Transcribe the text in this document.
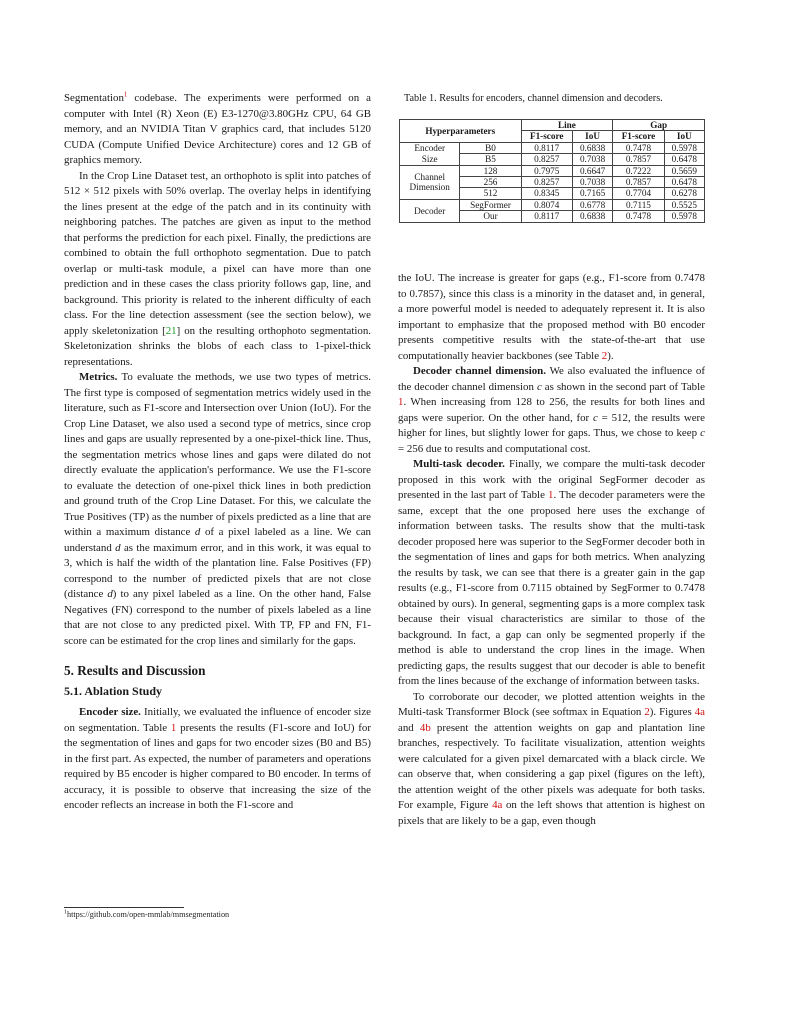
Segmentation$^1$ codebase. The experiments were performed on a computer with Intel (R) Xeon (E) E3-1270@3.80GHz CPU, 64 GB memory, and an NVIDIA Titan V graphics card, that includes 5120 CUDA (Compute Unified Device Architecture) cores and 12 GB of graphics memory.

In the Crop Line Dataset test, an orthophoto is split into patches of 512 × 512 pixels with 50% overlap. The overlay helps in identifying the lines present at the edge of the patch and in its continuity with neighboring patches. The patches are given as input to the method that performs the prediction for each pixel. Finally, the predictions are combined to obtain the full orthophoto segmentation. Due to patch overlap or multi-task module, a pixel can have more than one prediction and in these cases the class priority follows gap, line, and background. This priority is related to the inherent difficulty of each class. For the line detection assessment (see the section below), we apply skeletonization [21] on the resulting orthophoto segmentation. Skeletonization shrinks the blobs of each class to 1-pixel-thick representations.

Metrics. To evaluate the methods, we use two types of metrics. The first type is composed of segmentation metrics widely used in the literature, such as F1-score and Intersection over Union (IoU). For the Crop Line Dataset, we also used a second type of metrics, since crop lines and gaps are usually represented by a one-pixel-thick line. Thus, the segmentation metrics whose lines and gaps were dilated do not directly evaluate the application's performance. We use the F1-score to evaluate the detection of one-pixel thick lines in both prediction and ground truth of the Crop Line Dataset. For this, we calculate the True Positives (TP) as the number of pixels predicted as a line that are within a maximum distance d of a pixel labeled as a line. We can understand d as the maximum error, and in this work, it was equal to 3, which is half the width of the plantation line. False Positives (FP) correspond to the number of predicted pixels that are not close (distance d) to any pixel labeled as a line. On the other hand, False Negatives (FN) correspond to the number of pixels labeled as a line that are not close to any predicted pixel. With TP, FP and FN, F1-score can be estimated for the crop lines and similarly for the gaps.

5. Results and Discussion
5.1. Ablation Study

Encoder size. Initially, we evaluated the influence of encoder size on segmentation. Table 1 presents the results (F1-score and IoU) for the segmentation of lines and gaps for two encoder sizes (B0 and B5) in the first part. As expected, the number of parameters and operations required by B5 encoder is higher compared to B0 encoder. In terms of accuracy, it is possible to observe that increasing the size of the encoder reflects an increase in both the F1-score and

$^1$https://github.com/open-mmlab/mmsegmentation
Table 1. Results for encoders, channel dimension and decoders.
Hyperparameters		Line		Gap	
		F1-score	IoU	F1-score	IoU
Encoder
Size	B0	0.8117	0.6838	0.7478	0.5978
	B5	0.8257	0.7038	0.7857	0.6478
Channel
Dimension	128	0.7975	0.6647	0.7222	0.5659
	256	0.8257	0.7038	0.7857	0.6478
	512	0.8345	0.7165	0.7704	0.6278
Decoder	SegFormer	0.8074	0.6778	0.7115	0.5525
	Our	0.8117	0.6838	0.7478	0.5978

the IoU. The increase is greater for gaps (e.g., F1-score from 0.7478 to 0.7857), since this class is a minority in the dataset and, in general, a more powerful model is needed to adequately represent it. It is also important to emphasize that the proposed method with B0 encoder presents competitive results with the state-of-the-art that use computationally heavier backbones (see Table 2).

Decoder channel dimension. We also evaluated the influence of the decoder channel dimension c as shown in the second part of Table 1. When increasing from 128 to 256, the results for both lines and gaps were superior. On the other hand, for c = 512, the results were higher for lines, but slightly lower for gaps. Thus, we chose to keep c = 256 due to results and computational cost.

Multi-task decoder. Finally, we compare the multi-task decoder proposed in this work with the original SegFormer decoder as presented in the last part of Table 1. The decoder parameters were the same, except that the one proposed here uses the exchange of information between tasks. The results show that the multi-task decoder proposed here was superior to the SegFormer decoder both in the segmentation of lines and gaps for both metrics. When analyzing the results by task, we can see that there is a greater gain in the gap results (e.g., F1-score from 0.7115 obtained by SegFormer to 0.7478 obtained by ours). In general, segmenting gaps is a more complex task because their visual characteristics are similar to those of the background. In fact, a gap can only be segmented properly if the method is able to understand the crop lines in the image. When predicting gaps, the results suggest that our decoder is able to benefit from the lines because of the exchange of information between tasks.

To corroborate our decoder, we plotted attention weights in the Multi-task Transformer Block (see softmax in Equation 2). Figures 4a and 4b present the attention weights on gap and plantation line branches, respectively. To facilitate visualization, attention weights were calculated for a given pixel demarcated with a black circle. We can observe that, when considering a gap pixel (figures on the left), the attention weight of the other pixels was adequate for both tasks. For example, Figure 4a on the left shows that attention is highest on pixels that are likely to be a gap, even though
